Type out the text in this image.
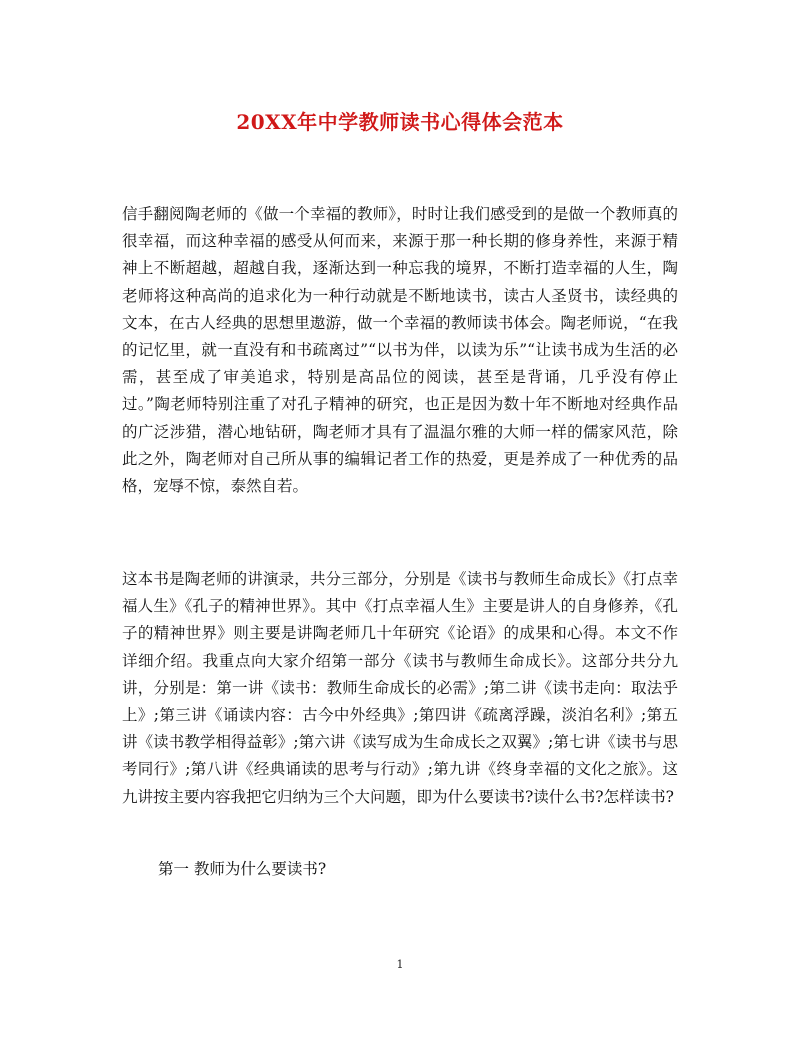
20XX年中学教师读书心得体会范本

信手翻阅陶老师的《做一个幸福的教师》，时时让我们感受到的是做一个教师真的很幸福，而这种幸福的感受从何而来，来源于那一种长期的修身养性，来源于精神上不断超越，超越自我，逐渐达到一种忘我的境界，不断打造幸福的人生，陶老师将这种高尚的追求化为一种行动就是不断地读书，读古人圣贤书，读经典的文本，在古人经典的思想里遨游，做一个幸福的教师读书体会。陶老师说，“在我的记忆里，就一直没有和书疏离过”“以书为伴，以读为乐”“让读书成为生活的必需，甚至成了审美追求，特别是高品位的阅读，甚至是背诵，几乎没有停止过。”陶老师特别注重了对孔子精神的研究，也正是因为数十年不断地对经典作品的广泛涉猎，潜心地钻研，陶老师才具有了温温尔雅的大师一样的儒家风范，除此之外，陶老师对自己所从事的编辑记者工作的热爱，更是养成了一种优秀的品格，宠辱不惊，泰然自若。

这本书是陶老师的讲演录，共分三部分，分别是《读书与教师生命成长》《打点幸福人生》《孔子的精神世界》。其中《打点幸福人生》主要是讲人的自身修养，《孔子的精神世界》则主要是讲陶老师几十年研究《论语》的成果和心得。本文不作详细介绍。我重点向大家介绍第一部分《读书与教师生命成长》。这部分共分九讲，分别是：第一讲《读书：教师生命成长的必需》;第二讲《读书走向：取法乎上》;第三讲《诵读内容：古今中外经典》;第四讲《疏离浮躁，淡泊名利》;第五讲《读书教学相得益彰》;第六讲《读写成为生命成长之双翼》;第七讲《读书与思考同行》;第八讲《经典诵读的思考与行动》;第九讲《终身幸福的文化之旅》。这九讲按主要内容我把它归纳为三个大问题，即为什么要读书?读什么书?怎样读书?

第一 教师为什么要读书?

1
